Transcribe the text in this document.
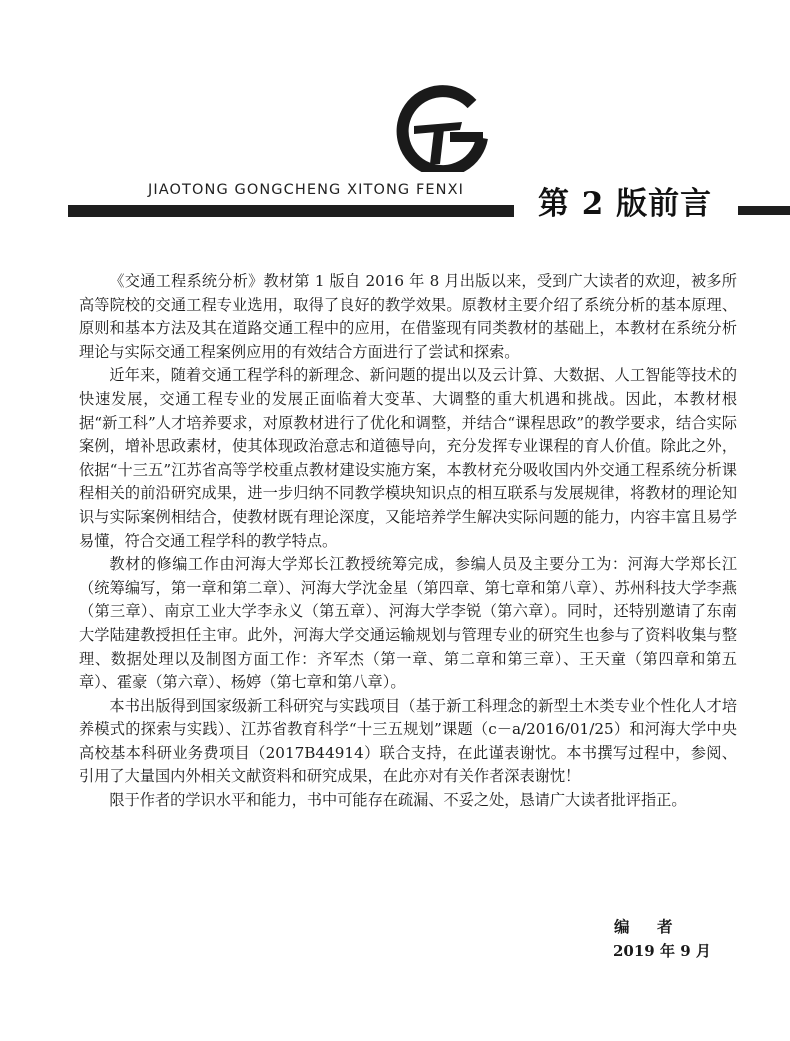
JIAOTONG GONGCHENG XITONG FENXI 第 2 版前言

《交通工程系统分析》教材第 1 版自 2016 年 8 月出版以来，受到广大读者的欢迎，被多所高等院校的交通工程专业选用，取得了良好的教学效果。原教材主要介绍了系统分析的基本原理、原则和基本方法及其在道路交通工程中的应用，在借鉴现有同类教材的基础上，本教材在系统分析理论与实际交通工程案例应用的有效结合方面进行了尝试和探索。

近年来，随着交通工程学科的新理念、新问题的提出以及云计算、大数据、人工智能等技术的快速发展，交通工程专业的发展正面临着大变革、大调整的重大机遇和挑战。因此，本教材根据“新工科”人才培养要求，对原教材进行了优化和调整，并结合“课程思政”的教学要求，结合实际案例，增补思政素材，使其体现政治意志和道德导向，充分发挥专业课程的育人价值。除此之外，依据“十三五”江苏省高等学校重点教材建设实施方案，本教材充分吸收国内外交通工程系统分析课程相关的前沿研究成果，进一步归纳不同教学模块知识点的相互联系与发展规律，将教材的理论知识与实际案例相结合，使教材既有理论深度，又能培养学生解决实际问题的能力，内容丰富且易学易懂，符合交通工程学科的教学特点。

教材的修编工作由河海大学郑长江教授统筹完成，参编人员及主要分工为：河海大学郑长江（统筹编写，第一章和第二章）、河海大学沈金星（第四章、第七章和第八章）、苏州科技大学李燕（第三章）、南京工业大学李永义（第五章）、河海大学李锐（第六章）。同时，还特别邀请了东南大学陆建教授担任主审。此外，河海大学交通运输规划与管理专业的研究生也参与了资料收集与整理、数据处理以及制图方面工作：齐军杰（第一章、第二章和第三章）、王天童（第四章和第五章）、霍豪（第六章）、杨婷（第七章和第八章）。

本书出版得到国家级新工科研究与实践项目（基于新工科理念的新型土木类专业个性化人才培养模式的探索与实践）、江苏省教育科学“十三五规划”课题（c－a/2016/01/25）和河海大学中央高校基本科研业务费项目（2017B44914）联合支持，在此谨表谢忱。本书撰写过程中，参阅、引用了大量国内外相关文献资料和研究成果，在此亦对有关作者深表谢忱！

限于作者的学识水平和能力，书中可能存在疏漏、不妥之处，恳请广大读者批评指正。

编　者
2019 年 9 月
